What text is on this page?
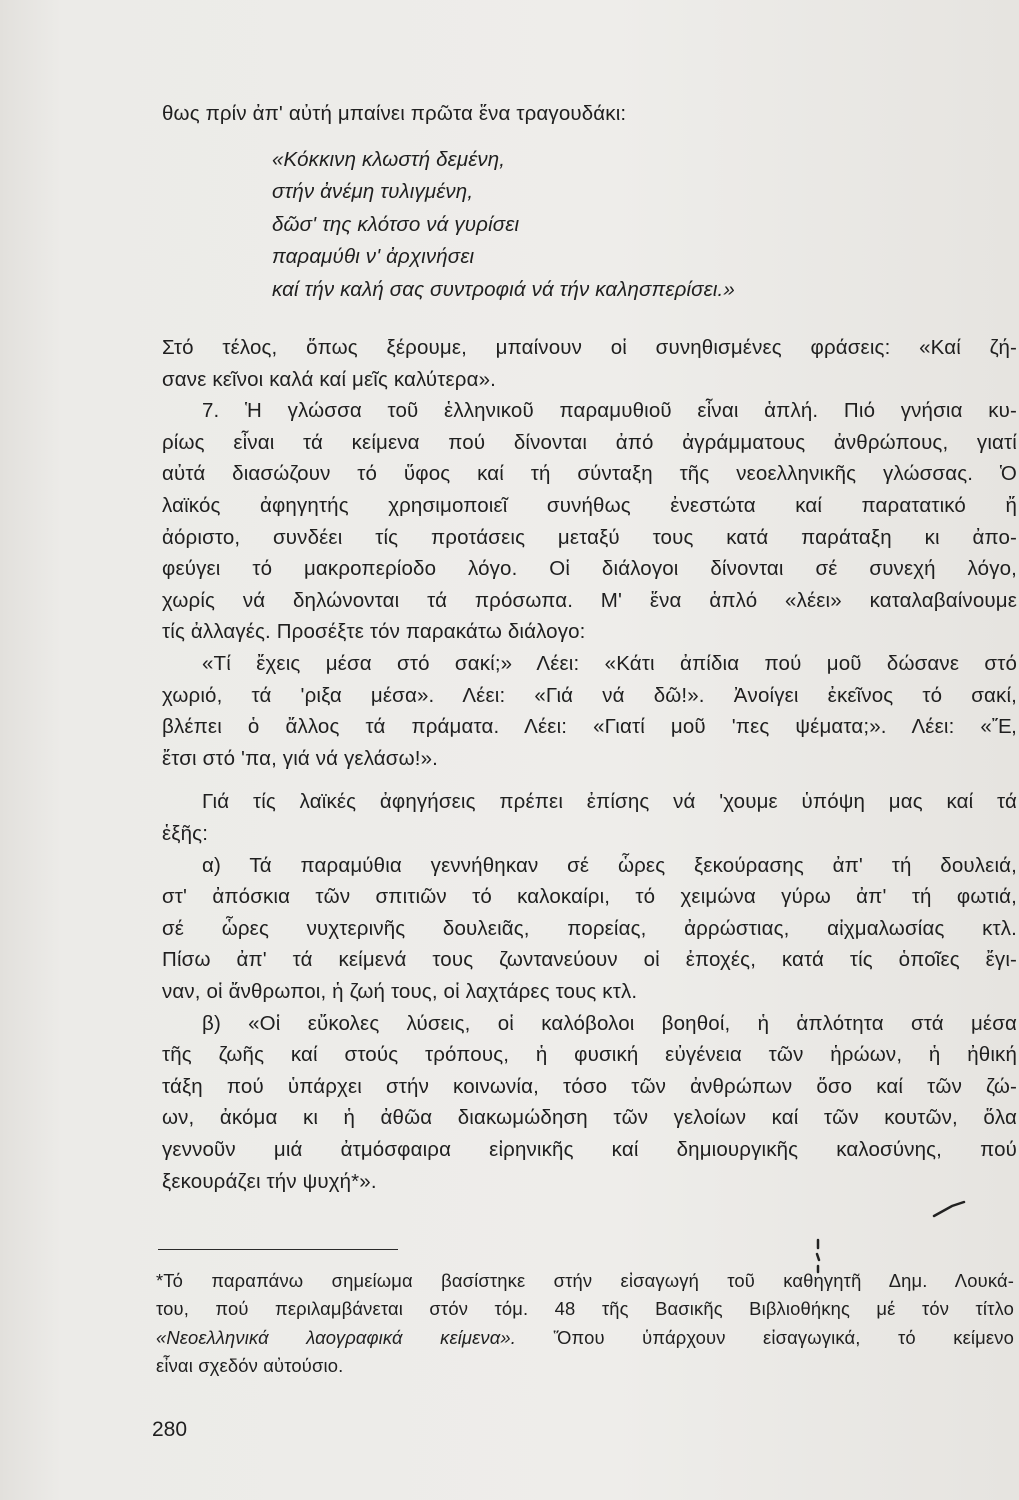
θως πρίν ἀπ' αὐτή μπαίνει πρῶτα ἕνα τραγουδάκι:
«Κόκκινη κλωστή δεμένη,
στήν ἀνέμη τυλιγμένη,
δῶσ' της κλότσο νά γυρίσει
παραμύθι ν' ἀρχινήσει
καί τήν καλή σας συντροφιά νά τήν καλησπερίσει.»
Στό τέλος, ὅπως ξέρουμε, μπαίνουν οἱ συνηθισμένες φράσεις: «Καί ζή-
σανε κεῖνοι καλά καί μεῖς καλύτερα».
7. Ἡ γλώσσα τοῦ ἑλληνικοῦ παραμυθιοῦ εἶναι ἁπλή. Πιό γνήσια κυ-
ρίως εἶναι τά κείμενα πού δίνονται ἀπό ἀγράμματους ἀνθρώπους, γιατί
αὐτά διασώζουν τό ὕφος καί τή σύνταξη τῆς νεοελληνικῆς γλώσσας. Ὁ
λαϊκός ἀφηγητής χρησιμοποιεῖ συνήθως ἐνεστώτα καί παρατατικό ἤ
ἀόριστο, συνδέει τίς προτάσεις μεταξύ τους κατά παράταξη κι ἀπο-
φεύγει τό μακροπερίοδο λόγο. Οἱ διάλογοι δίνονται σέ συνεχή λόγο,
χωρίς νά δηλώνονται τά πρόσωπα. Μ' ἕνα ἁπλό «λέει» καταλαβαίνουμε
τίς ἀλλαγές. Προσέξτε τόν παρακάτω διάλογο:
«Τί ἔχεις μέσα στό σακί;» Λέει: «Κάτι ἀπίδια πού μοῦ δώσανε στό
χωριό, τά 'ριξα μέσα». Λέει: «Γιά νά δῶ!». Ἀνοίγει ἐκεῖνος τό σακί,
βλέπει ὁ ἄλλος τά πράματα. Λέει: «Γιατί μοῦ 'πες ψέματα;». Λέει: «Ἔ,
ἔτσι στό 'πα, γιά νά γελάσω!».
Γιά τίς λαϊκές ἀφηγήσεις πρέπει ἐπίσης νά 'χουμε ὑπόψη μας καί τά
ἑξῆς:
α) Τά παραμύθια γεννήθηκαν σέ ὧρες ξεκούρασης ἀπ' τή δουλειά,
στ' ἀπόσκια τῶν σπιτιῶν τό καλοκαίρι, τό χειμώνα γύρω ἀπ' τή φωτιά,
σέ ὧρες νυχτερινῆς δουλειᾶς, πορείας, ἀρρώστιας, αἰχμαλωσίας κτλ.
Πίσω ἀπ' τά κείμενά τους ζωντανεύουν οἱ ἐποχές, κατά τίς ὁποῖες ἔγι-
ναν, οἱ ἄνθρωποι, ἡ ζωή τους, οἱ λαχτάρες τους κτλ.
β) «Οἱ εὔκολες λύσεις, οἱ καλόβολοι βοηθοί, ἡ ἁπλότητα στά μέσα
τῆς ζωῆς καί στούς τρόπους, ἡ φυσική εὐγένεια τῶν ἡρώων, ἡ ἠθική
τάξη πού ὑπάρχει στήν κοινωνία, τόσο τῶν ἀνθρώπων ὅσο καί τῶν ζώ-
ων, ἀκόμα κι ἡ ἀθῶα διακωμώδηση τῶν γελοίων καί τῶν κουτῶν, ὅλα
γεννοῦν μιά ἀτμόσφαιρα εἰρηνικῆς καί δημιουργικῆς καλοσύνης, πού
ξεκουράζει τήν ψυχή*».
*Τό παραπάνω σημείωμα βασίστηκε στήν εἰσαγωγή τοῦ καθηγητῆ Δημ. Λουκά-
του, πού περιλαμβάνεται στόν τόμ. 48 τῆς Βασικῆς Βιβλιοθήκης μέ τόν τίτλο
«Νεοελληνικά λαογραφικά κείμενα». Ὅπου ὑπάρχουν εἰσαγωγικά, τό κείμενο
εἶναι σχεδόν αὐτούσιο.
280
